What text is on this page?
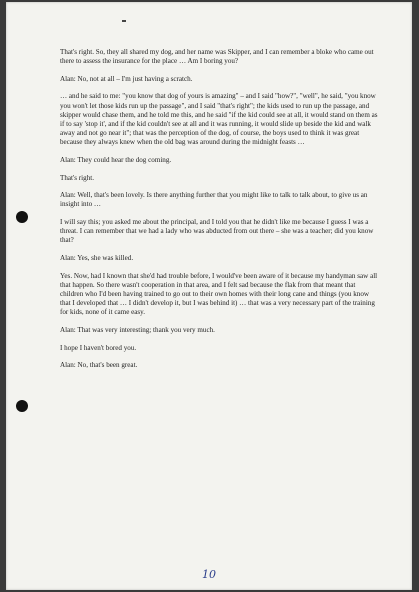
That's right. So, they all shared my dog, and her name was Skipper, and I can remember a bloke who came out there to assess the insurance for the place … Am I boring you?

Alan: No, not at all – I'm just having a scratch.

… and he said to me: "you know that dog of yours is amazing" – and I said "how?", "well", he said, "you know you won't let those kids run up the passage", and I said "that's right"; the kids used to run up the passage, and skipper would chase them, and he told me this, and he said "if the kid could see at all, it would stand on them as if to say 'stop it', and if the kid couldn't see at all and it was running, it would slide up beside the kid and walk away and not go near it"; that was the perception of the dog, of course, the boys used to think it was great because they always knew when the old bag was around during the midnight feasts …

Alan: They could hear the dog coming.

That's right.

Alan: Well, that's been lovely. Is there anything further that you might like to talk to talk about, to give us an insight into …

I will say this; you asked me about the principal, and I told you that he didn't like me because I guess I was a threat. I can remember that we had a lady who was abducted from out there – she was a teacher; did you know that?

Alan: Yes, she was killed.

Yes. Now, had I known that she'd had trouble before, I would've been aware of it because my handyman saw all that happen. So there wasn't cooperation in that area, and I felt sad because the flak from that meant that children who I'd been having trained to go out to their own homes with their long cane and things (you know that I developed that … I didn't develop it, but I was behind it) … that was a very necessary part of the training for kids, none of it came easy.

Alan: That was very interesting; thank you very much.

I hope I haven't bored you.

Alan: No, that's been great.

10
